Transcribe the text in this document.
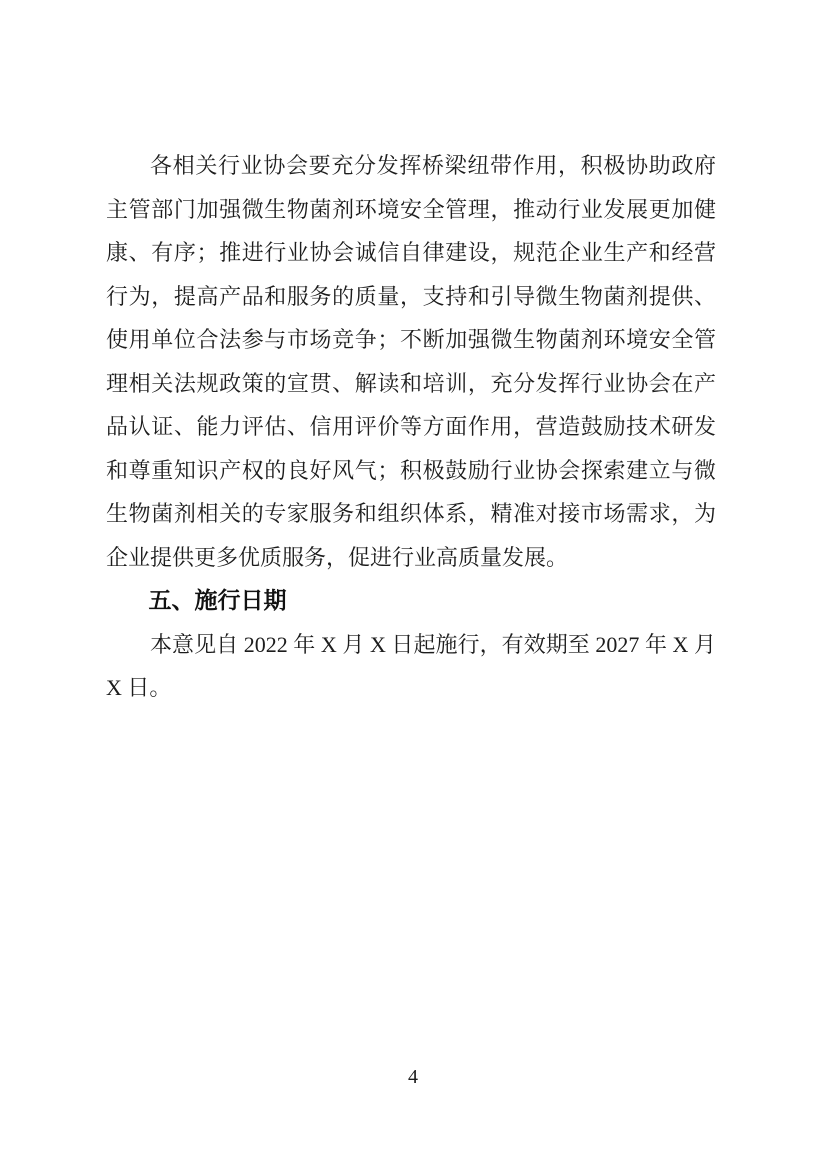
各相关行业协会要充分发挥桥梁纽带作用，积极协助政府主管部门加强微生物菌剂环境安全管理，推动行业发展更加健康、有序；推进行业协会诚信自律建设，规范企业生产和经营行为，提高产品和服务的质量，支持和引导微生物菌剂提供、使用单位合法参与市场竞争；不断加强微生物菌剂环境安全管理相关法规政策的宣贯、解读和培训，充分发挥行业协会在产品认证、能力评估、信用评价等方面作用，营造鼓励技术研发和尊重知识产权的良好风气；积极鼓励行业协会探索建立与微生物菌剂相关的专家服务和组织体系，精准对接市场需求，为企业提供更多优质服务，促进行业高质量发展。

五、施行日期

本意见自 2022 年 X 月 X 日起施行，有效期至 2027 年 X 月 X 日。

4
